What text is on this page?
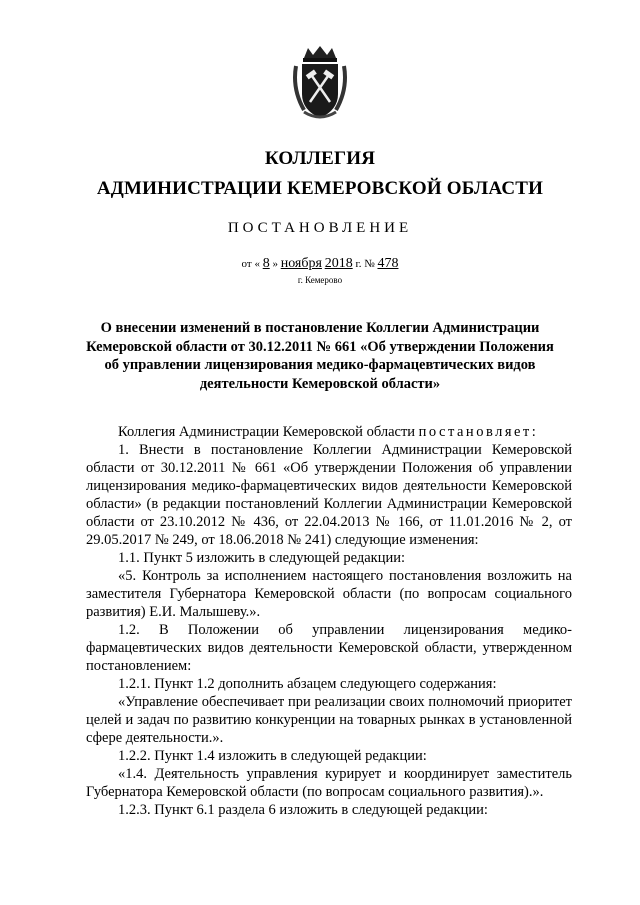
КОЛЛЕГИЯ
АДМИНИСТРАЦИИ КЕМЕРОВСКОЙ ОБЛАСТИ
ПОСТАНОВЛЕНИЕ
от « 8 » ноября 2018 г. № 478
г. Кемерово
О внесении изменений в постановление Коллегии Администрации Кемеровской области от 30.12.2011 № 661 «Об утверждении Положения об управлении лицензирования медико-фармацевтических видов деятельности Кемеровской области»

Коллегия Администрации Кемеровской области постановляет:

1. Внести в постановление Коллегии Администрации Кемеровской области от 30.12.2011 № 661 «Об утверждении Положения об управлении лицензирования медико-фармацевтических видов деятельности Кемеровской области» (в редакции постановлений Коллегии Администрации Кемеровской области от 23.10.2012 № 436, от 22.04.2013 № 166, от 11.01.2016 № 2, от 29.05.2017 № 249, от 18.06.2018 № 241) следующие изменения:

1.1. Пункт 5 изложить в следующей редакции:

«5. Контроль за исполнением настоящего постановления возложить на заместителя Губернатора Кемеровской области (по вопросам социального развития) Е.И. Малышеву.».

1.2. В Положении об управлении лицензирования медико-фармацевтических видов деятельности Кемеровской области, утвержденном постановлением:

1.2.1. Пункт 1.2 дополнить абзацем следующего содержания:

«Управление обеспечивает при реализации своих полномочий приоритет целей и задач по развитию конкуренции на товарных рынках в установленной сфере деятельности.».

1.2.2. Пункт 1.4 изложить в следующей редакции:

«1.4. Деятельность управления курирует и координирует заместитель Губернатора Кемеровской области (по вопросам социального развития).».

1.2.3. Пункт 6.1 раздела 6 изложить в следующей редакции:
